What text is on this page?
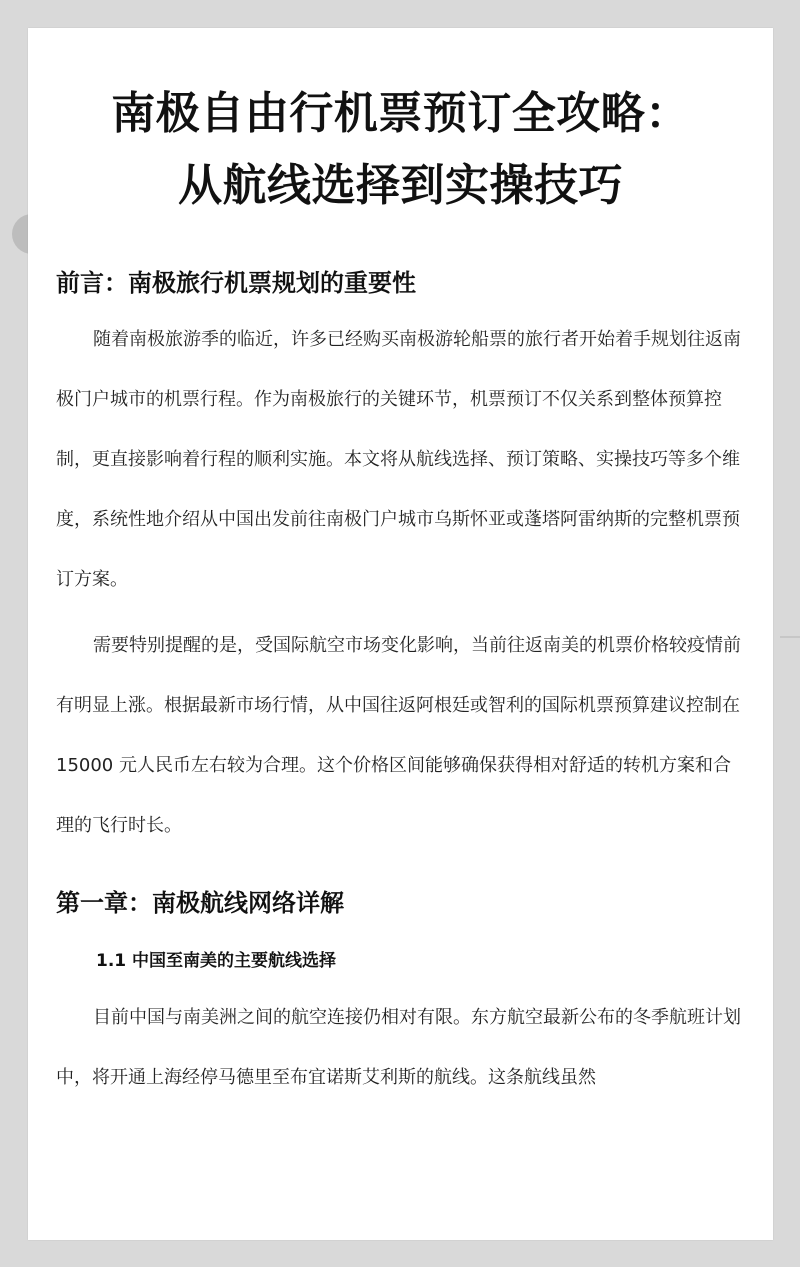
南极自由行机票预订全攻略：
从航线选择到实操技巧
前言：南极旅行机票规划的重要性

随着南极旅游季的临近，许多已经购买南极游轮船票的旅行者开始着手规划往返南极门户城市的机票行程。作为南极旅行的关键环节，机票预订不仅关系到整体预算控制，更直接影响着行程的顺利实施。本文将从航线选择、预订策略、实操技巧等多个维度，系统性地介绍从中国出发前往南极门户城市乌斯怀亚或蓬塔阿雷纳斯的完整机票预订方案。

需要特别提醒的是，受国际航空市场变化影响，当前往返南美的机票价格较疫情前有明显上涨。根据最新市场行情，从中国往返阿根廷或智利的国际机票预算建议控制在 15000 元人民币左右较为合理。这个价格区间能够确保获得相对舒适的转机方案和合理的飞行时长。

第一章：南极航线网络详解
1.1 中国至南美的主要航线选择

目前中国与南美洲之间的航空连接仍相对有限。东方航空最新公布的冬季航班计划中，将开通上海经停马德里至布宜诺斯艾利斯的航线。这条航线虽然
